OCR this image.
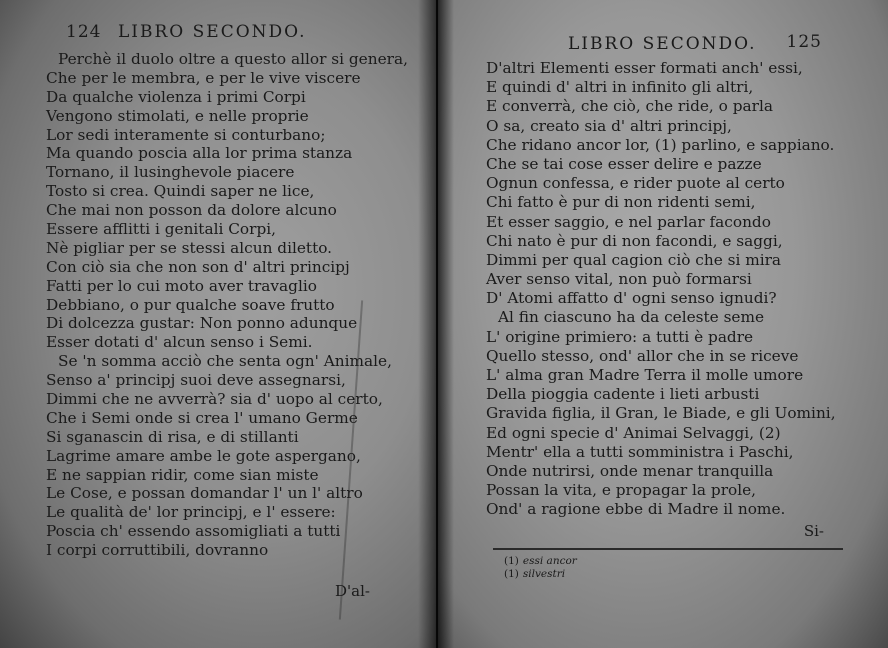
124 LIBRO SECONDO.
Perchè il duolo oltre a questo allor si genera,
Che per le membra, e per le vive viscere
Da qualche violenza i primi Corpi
Vengono stimolati, e nelle proprie
Lor sedi interamente si conturbano;
Ma quando poscia alla lor prima stanza
Tornano, il lusinghevole piacere
Tosto si crea. Quindi saper ne lice,
Che mai non posson da dolore alcuno
Essere afflitti i genitali Corpi,
Nè pigliar per se stessi alcun diletto.
Con ciò sia che non son d' altri principj
Fatti per lo cui moto aver travaglio
Debbiano, o pur qualche soave frutto
Di dolcezza gustar: Non ponno adunque
Esser dotati d' alcun senso i Semi.
Se 'n somma acciò che senta ogn' Animale,
Senso a' principj suoi deve assegnarsi,
Dimmi che ne avverrà? sia d' uopo al certo,
Che i Semi onde si crea l' umano Germe
Si sganascin di risa, e di stillanti
Lagrime amare ambe le gote aspergano,
E ne sappian ridir, come sian miste
Le Cose, e possan domandar l' un l' altro
Le qualità de' lor principj, e l' essere:
Poscia ch' essendo assomigliati a tutti
I corpi corruttibili, dovranno
D'al-
LIBRO SECONDO. 125
D'altri Elementi esser formati anch' essi,
E quindi d' altri in infinito gli altri,
E converrà, che ciò, che ride, o parla
O sa, creato sia d' altri principj,
Che ridano ancor lor, (1) parlino, e sappiano.
Che se tai cose esser delire e pazze
Ognun confessa, e rider puote al certo
Chi fatto è pur di non ridenti semi,
Et esser saggio, e nel parlar facondo
Chi nato è pur di non facondi, e saggi,
Dimmi per qual cagion ciò che si mira
Aver senso vital, non può formarsi
D' Atomi affatto d' ogni senso ignudi?
Al fin ciascuno ha da celeste seme
L' origine primiero: a tutti è padre
Quello stesso, ond' allor che in se riceve
L' alma gran Madre Terra il molle umore
Della pioggia cadente i lieti arbusti
Gravida figlia, il Gran, le Biade, e gli Uomini,
Ed ogni specie d' Animai Selvaggi, (2)
Mentr' ella a tutti somministra i Paschi,
Onde nutrirsi, onde menar tranquilla
Possan la vita, e propagar la prole,
Ond' a ragione ebbe di Madre il nome.
Si-
(1) essi ancor
(1) silvestri
